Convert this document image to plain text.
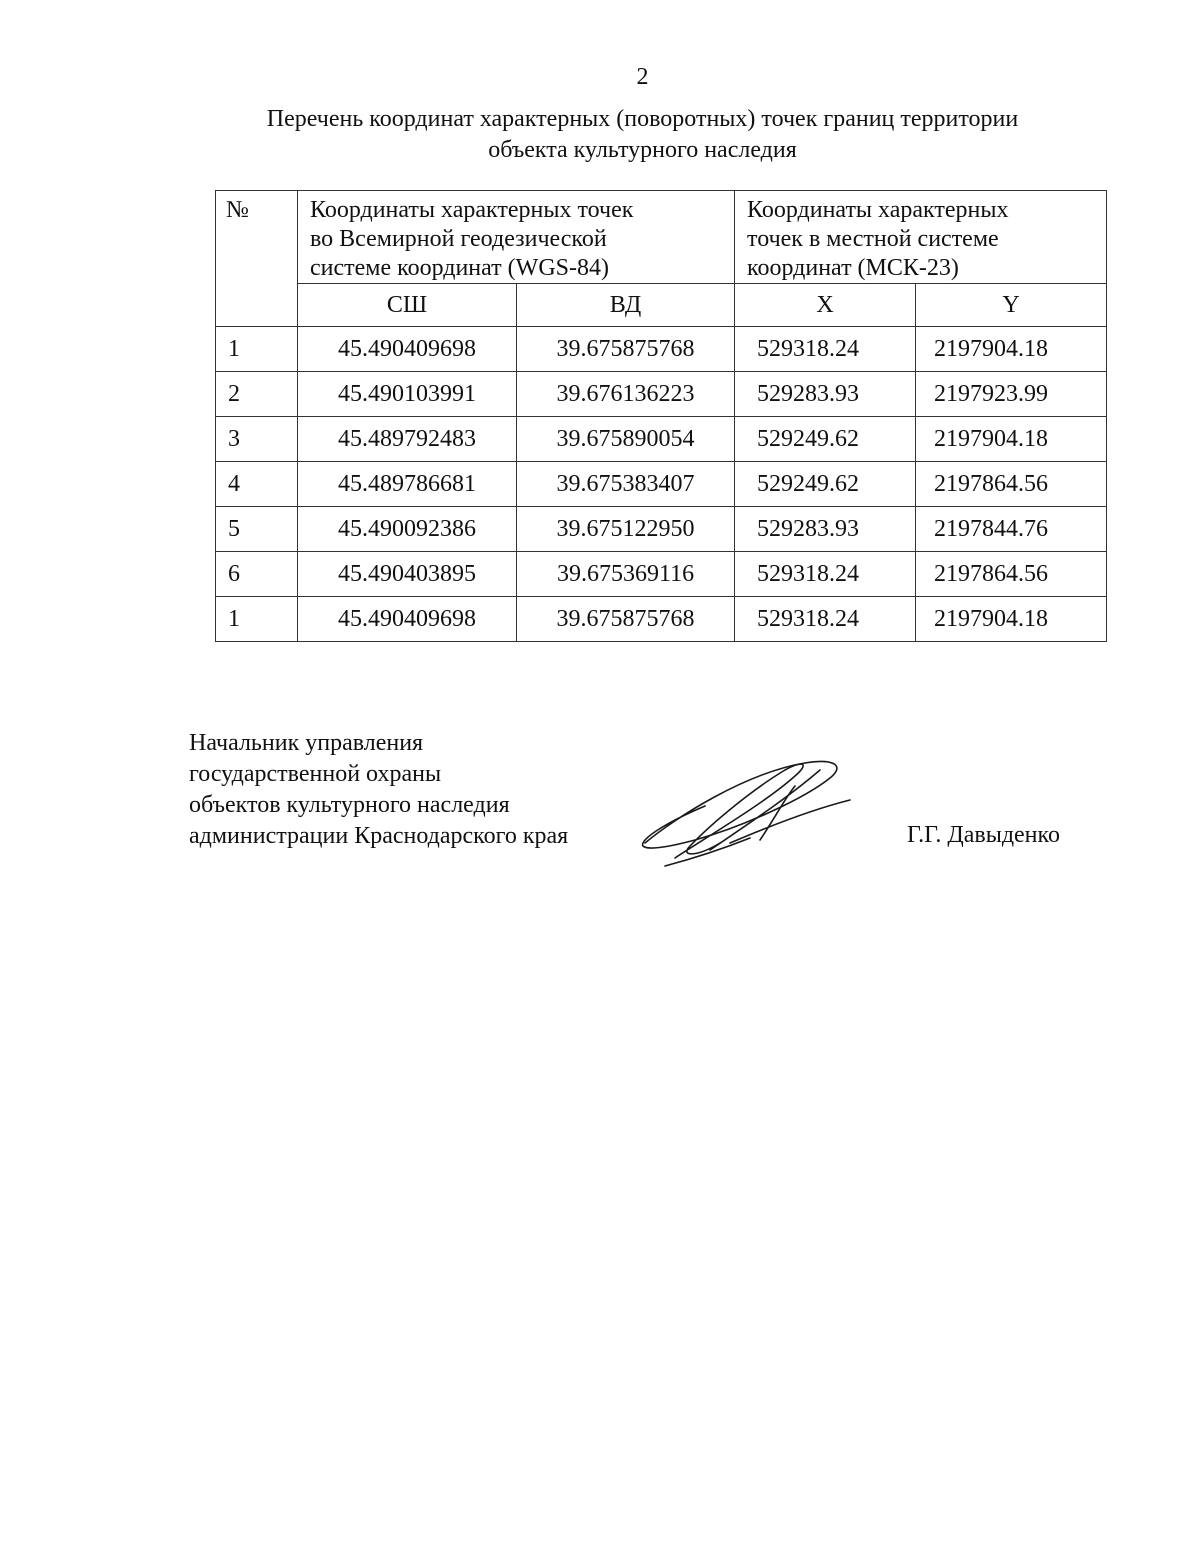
2
Перечень координат характерных (поворотных) точек границ территории
объекта культурного наследия
№	Координаты характерных точек
во Всемирной геодезической
системе координат (WGS-84)		Координаты характерных
точек в местной системе
координат (МСК-23)	

	СШ	ВД	X	Y
1	45.490409698	39.675875768	529318.24	2197904.18
2	45.490103991	39.676136223	529283.93	2197923.99
3	45.489792483	39.675890054	529249.62	2197904.18
4	45.489786681	39.675383407	529249.62	2197864.56
5	45.490092386	39.675122950	529283.93	2197844.76
6	45.490403895	39.675369116	529318.24	2197864.56
1	45.490409698	39.675875768	529318.24	2197904.18
Начальник управления
государственной охраны
объектов культурного наследия
администрации Краснодарского края	Г.Г. Давыденко
